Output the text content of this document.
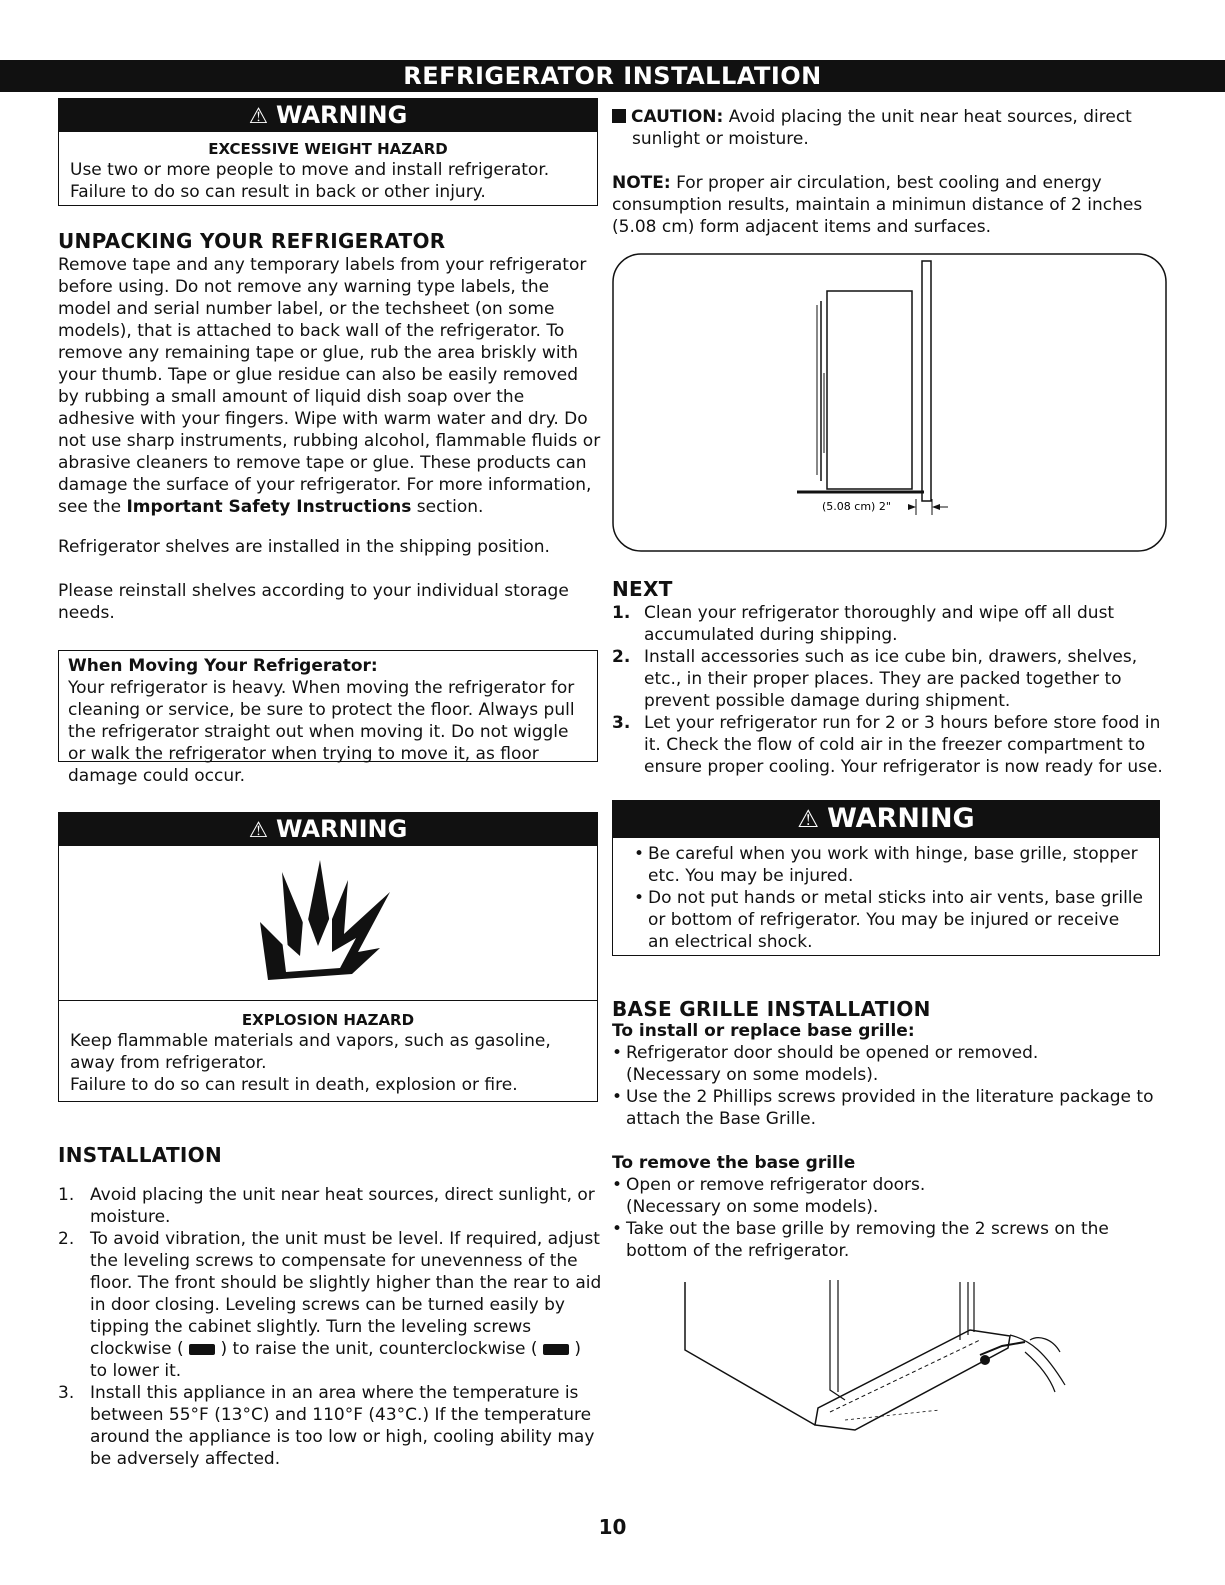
REFRIGERATOR INSTALLATION
⚠ WARNING
EXCESSIVE WEIGHT HAZARD
Use two or more people to move and install refrigerator. Failure to do so can result in back or other injury.
UNPACKING YOUR REFRIGERATOR
Remove tape and any temporary labels from your refrigerator before using. Do not remove any warning type labels, the model and serial number label, or the techsheet (on some models), that is attached to back wall of the refrigerator. To remove any remaining tape or glue, rub the area briskly with your thumb. Tape or glue residue can also be easily removed by rubbing a small amount of liquid dish soap over the adhesive with your fingers. Wipe with warm water and dry. Do not use sharp instruments, rubbing alcohol, flammable fluids or abrasive cleaners to remove tape or glue. These products can damage the surface of your refrigerator. For more information, see the Important Safety Instructions section.
Refrigerator shelves are installed in the shipping position.
Please reinstall shelves according to your individual storage needs.
When Moving Your Refrigerator:
Your refrigerator is heavy. When moving the refrigerator for cleaning or service, be sure to protect the floor. Always pull the refrigerator straight out when moving it. Do not wiggle or walk the refrigerator when trying to move it, as floor damage could occur.
⚠ WARNING
EXPLOSION HAZARD
Keep flammable materials and vapors, such as gasoline, away from refrigerator.
Failure to do so can result in death, explosion or fire.
INSTALLATION
1. Avoid placing the unit near heat sources, direct sunlight, or moisture.
2. To avoid vibration, the unit must be level. If required, adjust the leveling screws to compensate for unevenness of the floor. The front should be slightly higher than the rear to aid in door closing. Leveling screws can be turned easily by tipping the cabinet slightly. Turn the leveling screws clockwise ( ) to raise the unit, counterclockwise ( ) to lower it.
3. Install this appliance in an area where the temperature is between 55°F (13°C) and 110°F (43°C.) If the temperature around the appliance is too low or high, cooling ability may be adversely affected.
CAUTION: Avoid placing the unit near heat sources, direct sunlight or moisture.
NOTE: For proper air circulation, best cooling and energy consumption results, maintain a minimun distance of 2 inches (5.08 cm) form adjacent items and surfaces.
(5.08 cm) 2"
NEXT
1. Clean your refrigerator thoroughly and wipe off all dust accumulated during shipping.
2. Install accessories such as ice cube bin, drawers, shelves, etc., in their proper places. They are packed together to prevent possible damage during shipment.
3. Let your refrigerator run for 2 or 3 hours before store food in it. Check the flow of cold air in the freezer compartment to ensure proper cooling. Your refrigerator is now ready for use.
⚠ WARNING
• Be careful when you work with hinge, base grille, stopper etc. You may be injured.
• Do not put hands or metal sticks into air vents, base grille or bottom of refrigerator. You may be injured or receive an electrical shock.
BASE GRILLE INSTALLATION
To install or replace base grille:
• Refrigerator door should be opened or removed.
(Necessary on some models).
• Use the 2 Phillips screws provided in the literature package to attach the Base Grille.
To remove the base grille
• Open or remove refrigerator doors.
(Necessary on some models).
• Take out the base grille by removing the 2 screws on the bottom of the refrigerator.
10
